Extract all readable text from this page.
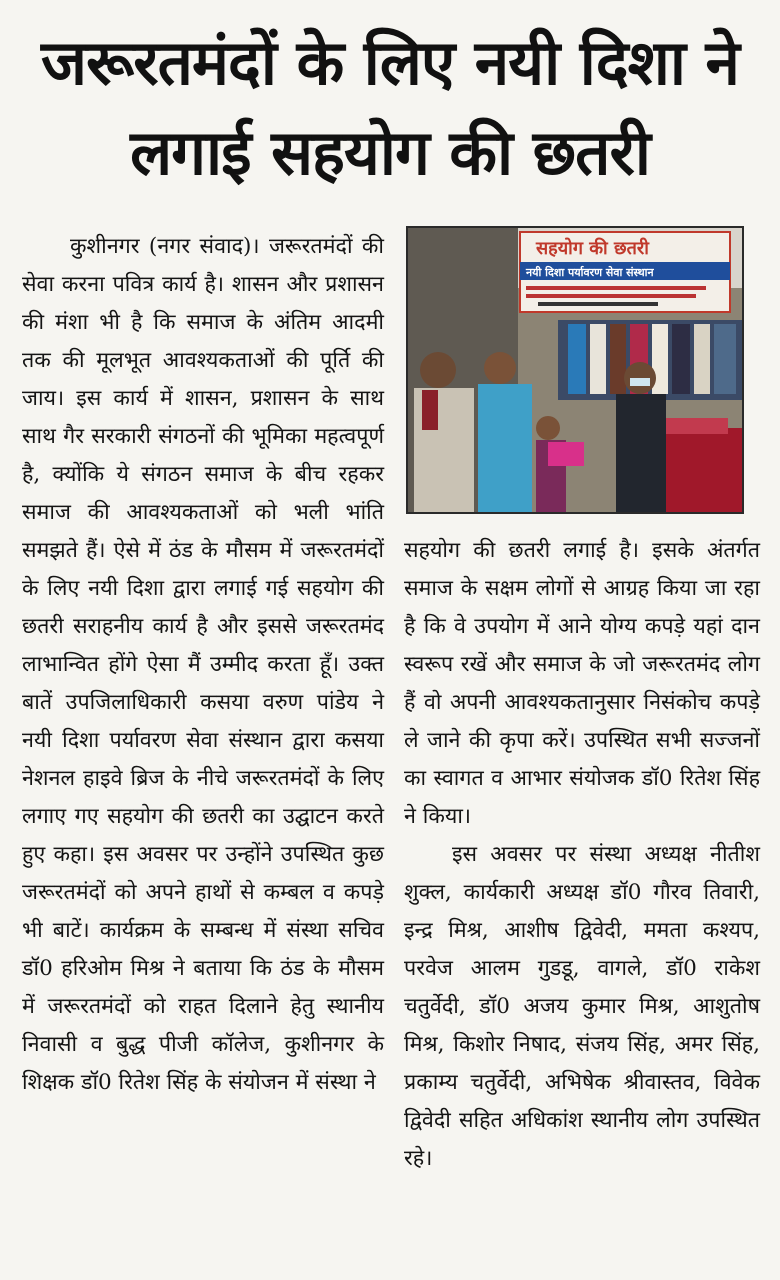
जरूरतमंदों के लिए नयी दिशा ने
लगाई सहयोग की छतरी

कुशीनगर (नगर संवाद)। जरूरतमंदों की सेवा करना पवित्र कार्य है। शासन और प्रशासन की मंशा भी है कि समाज के अंतिम आदमी तक की मूलभूत आवश्यकताओं की पूर्ति की जाय। इस कार्य में शासन, प्रशासन के साथ साथ गैर सरकारी संगठनों की भूमिका महत्वपूर्ण है, क्योंकि ये संगठन समाज के बीच रहकर समाज की आवश्यकताओं को भली भांति समझते हैं। ऐसे में ठंड के मौसम में जरूरतमंदों के लिए नयी दिशा द्वारा लगाई गई सहयोग की छतरी सराहनीय कार्य है और इससे जरूरतमंद लाभान्वित होंगे ऐसा मैं उम्मीद करता हूँ। उक्त बातें उपजिलाधिकारी कसया वरुण पांडेय ने नयी दिशा पर्यावरण सेवा संस्थान द्वारा कसया नेशनल हाइवे ब्रिज के नीचे जरूरतमंदों के लिए लगाए गए सहयोग की छतरी का उद्घाटन करते हुए कहा। इस अवसर पर उन्होंने उपस्थित कुछ जरूरतमंदों को अपने हाथों से कम्बल व कपड़े भी बाटें। कार्यक्रम के सम्बन्ध में संस्था सचिव डॉ0 हरिओम मिश्र ने बताया कि ठंड के मौसम में जरूरतमंदों को राहत दिलाने हेतु स्थानीय निवासी व बुद्ध पीजी कॉलेज, कुशीनगर के शिक्षक डॉ0 रितेश सिंह के संयोजन में संस्था ने

सहयोग की छतरी
नयी दिशा पर्यावरण सेवा संस्थान

सहयोग की छतरी लगाई है। इसके अंतर्गत समाज के सक्षम लोगों से आग्रह किया जा रहा है कि वे उपयोग में आने योग्य कपड़े यहां दान स्वरूप रखें और समाज के जो जरूरतमंद लोग हैं वो अपनी आवश्यकतानुसार निसंकोच कपड़े ले जाने की कृपा करें। उपस्थित सभी सज्जनों का स्वागत व आभार संयोजक डॉ0 रितेश सिंह ने किया।

इस अवसर पर संस्था अध्यक्ष नीतीश शुक्ल, कार्यकारी अध्यक्ष डॉ0 गौरव तिवारी, इन्द्र मिश्र, आशीष द्विवेदी, ममता कश्यप, परवेज आलम गुडडू, वागले, डॉ0 राकेश चतुर्वेदी, डॉ0 अजय कुमार मिश्र, आशुतोष मिश्र, किशोर निषाद, संजय सिंह, अमर सिंह, प्रकाम्य चतुर्वेदी, अभिषेक श्रीवास्तव, विवेक द्विवेदी सहित अधिकांश स्थानीय लोग उपस्थित रहे।
